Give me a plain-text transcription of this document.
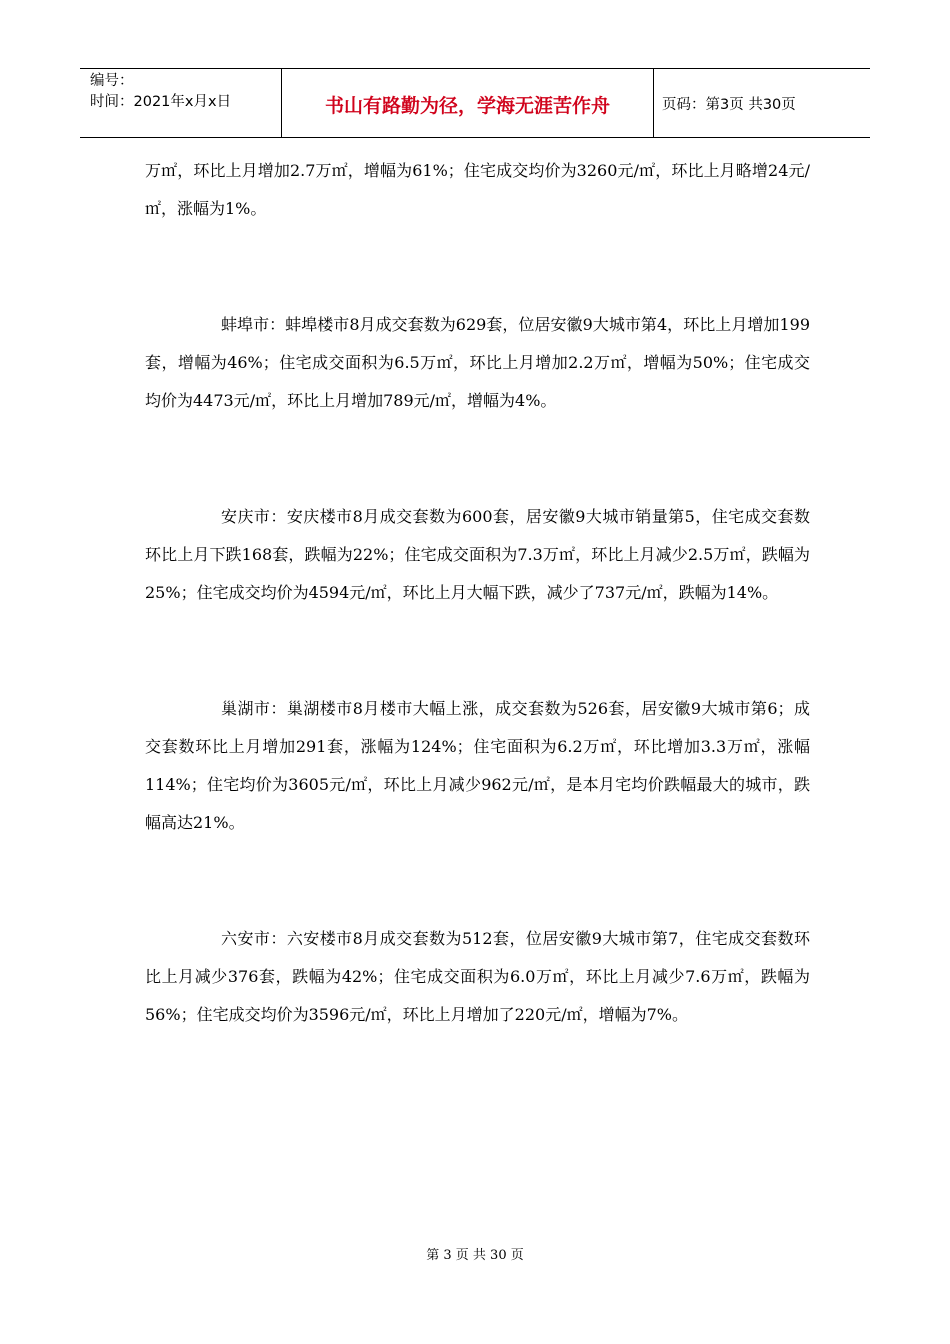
编号：
时间：2021年x月x日	书山有路勤为径，学海无涯苦作舟	页码：第3页 共30页

万㎡，环比上月增加2.7万㎡，增幅为61%；住宅成交均价为3260元/㎡，环比上月略增24元/㎡，涨幅为1%。

蚌埠市：蚌埠楼市8月成交套数为629套，位居安徽9大城市第4，环比上月增加199套，增幅为46%；住宅成交面积为6.5万㎡，环比上月增加2.2万㎡，增幅为50%；住宅成交均价为4473元/㎡，环比上月增加789元/㎡，增幅为4%。

安庆市：安庆楼市8月成交套数为600套，居安徽9大城市销量第5，住宅成交套数环比上月下跌168套，跌幅为22%；住宅成交面积为7.3万㎡，环比上月减少2.5万㎡，跌幅为25%；住宅成交均价为4594元/㎡，环比上月大幅下跌，减少了737元/㎡，跌幅为14%。

巢湖市：巢湖楼市8月楼市大幅上涨，成交套数为526套，居安徽9大城市第6；成交套数环比上月增加291套，涨幅为124%；住宅面积为6.2万㎡，环比增加3.3万㎡，涨幅114%；住宅均价为3605元/㎡，环比上月减少962元/㎡，是本月宅均价跌幅最大的城市，跌幅高达21%。

六安市：六安楼市8月成交套数为512套，位居安徽9大城市第7，住宅成交套数环比上月减少376套，跌幅为42%；住宅成交面积为6.0万㎡，环比上月减少7.6万㎡，跌幅为56%；住宅成交均价为3596元/㎡，环比上月增加了220元/㎡，增幅为7%。

第 3 页 共 30 页
